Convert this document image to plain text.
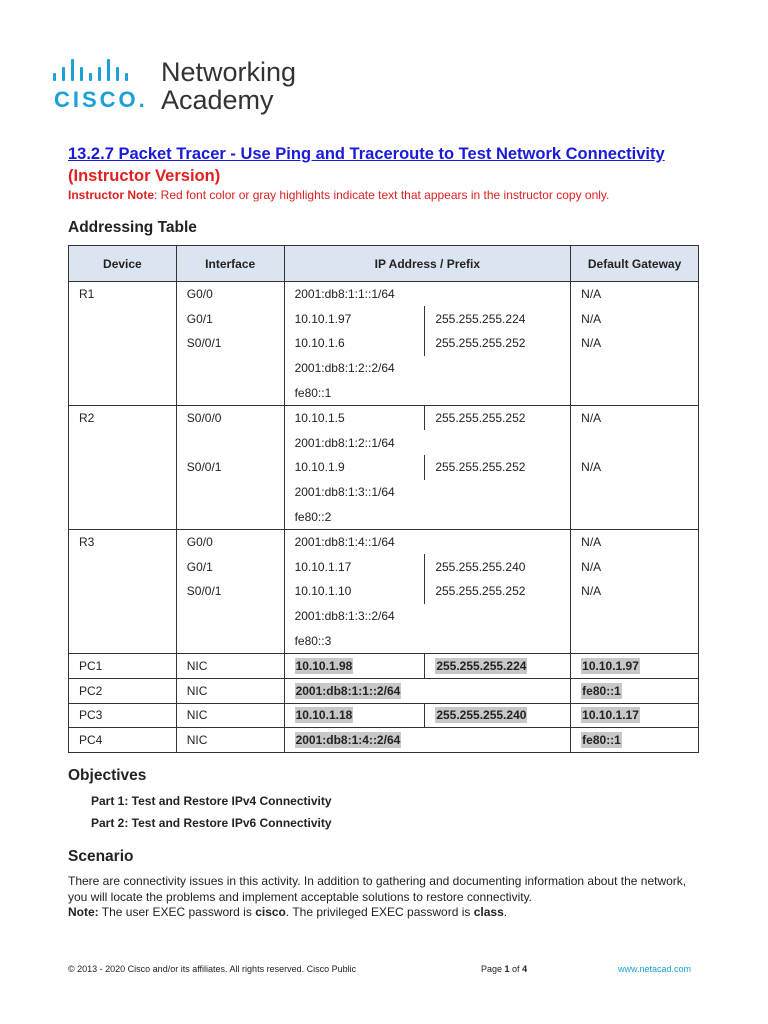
CISCO.
Networking
Academy
13.2.7 Packet Tracer - Use Ping and Traceroute to Test Network Connectivity (Instructor Version)
Instructor Note: Red font color or gray highlights indicate text that appears in the instructor copy only.
Addressing Table
Device	Interface	IP Address / Prefix		Default Gateway
R1	G0/0	2001:db8:1:1::1/64		N/A
	G0/1	10.10.1.97	255.255.255.224	N/A
	S0/0/1	10.10.1.6	255.255.255.252	N/A
		2001:db8:1:2::2/64		
		fe80::1		
R2	S0/0/0	10.10.1.5	255.255.255.252	N/A
		2001:db8:1:2::1/64		
	S0/0/1	10.10.1.9	255.255.255.252	N/A
		2001:db8:1:3::1/64		
		fe80::2		
R3	G0/0	2001:db8:1:4::1/64		N/A
	G0/1	10.10.1.17	255.255.255.240	N/A
	S0/0/1	10.10.1.10	255.255.255.252	N/A
		2001:db8:1:3::2/64		
		fe80::3		
PC1	NIC	10.10.1.98	255.255.255.224	10.10.1.97
PC2	NIC	2001:db8:1:1::2/64		fe80::1
PC3	NIC	10.10.1.18	255.255.255.240	10.10.1.17
PC4	NIC	2001:db8:1:4::2/64		fe80::1
Objectives
Part 1: Test and Restore IPv4 Connectivity
Part 2: Test and Restore IPv6 Connectivity
Scenario
There are connectivity issues in this activity. In addition to gathering and documenting information about the network, you will locate the problems and implement acceptable solutions to restore connectivity.
Note: The user EXEC password is cisco. The privileged EXEC password is class.
© 2013 - 2020 Cisco and/or its affiliates. All rights reserved. Cisco Public	Page 1 of 4	www.netacad.com
